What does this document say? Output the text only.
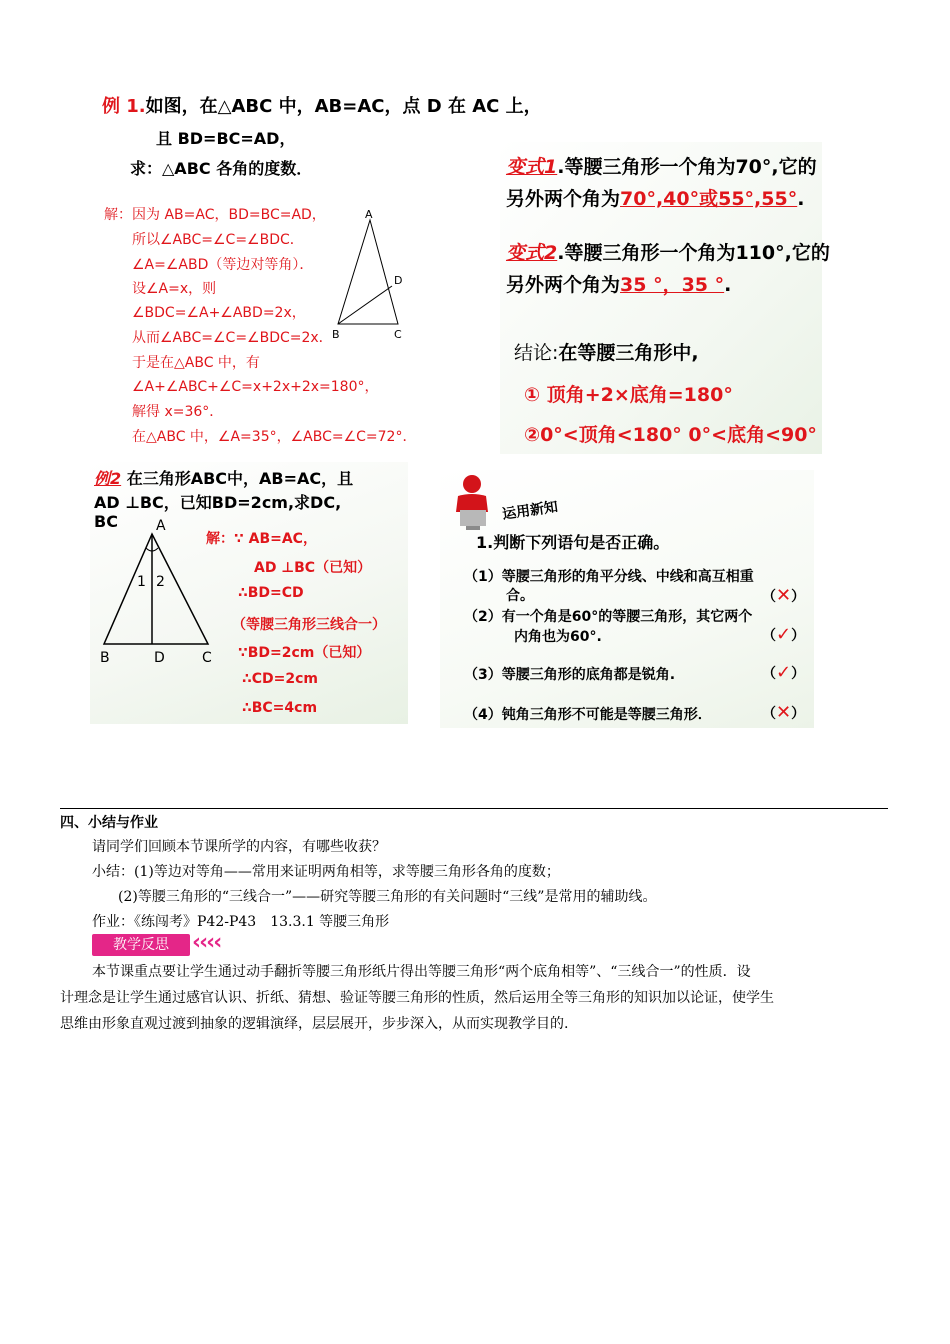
例 1.如图，在△ABC 中，AB=AC，点 D 在 AC 上，
且 BD=BC=AD，
求：△ABC 各角的度数．
解：因为 AB=AC，BD=BC=AD，
所以∠ABC=∠C=∠BDC．
∠A=∠ABD（等边对等角）．
设∠A=x，则
∠BDC=∠A+∠ABD=2x，
从而∠ABC=∠C=∠BDC=2x．
于是在△ABC 中，有
∠A+∠ABC+∠C=x+2x+2x=180°，
解得 x=36°．
在△ABC 中，∠A=35°，∠ABC=∠C=72°．
A
B	C
D
变式1.等腰三角形一个角为70°,它的
另外两个角为70°,40°或55°,55°.
变式2.等腰三角形一个角为110°,它的
另外两个角为35 °，35 °.
结论:在等腰三角形中,
① 顶角+2×底角=180°
②0°<顶角<180° 0°<底角<90°
例2 在三角形ABC中，AB=AC，且
AD ⊥BC，已知BD=2cm,求DC,
BC	A
B	D	C
1 2
解：∵ AB=AC，
AD ⊥BC（已知）
∴BD=CD
（等腰三角形三线合一）
∵BD=2cm（已知）
∴CD=2cm
∴BC=4cm
运用新知
1.判断下列语句是否正确。
（1）等腰三角形的角平分线、中线和高互相重
合。	（✕）
（2）有一个角是60°的等腰三角形，其它两个
内角也为60°.	（✓）
（3）等腰三角形的底角都是锐角.	（✓）
（4）钝角三角形不可能是等腰三角形．	（✕）
四、小结与作业
请同学们回顾本节课所学的内容，有哪些收获？
小结：(1)等边对等角——常用来证明两角相等，求等腰三角形各角的度数；
(2)等腰三角形的“三线合一”——研究等腰三角形的有关问题时“三线”是常用的辅助线。
作业：《练闯考》P42-P43　13.3.1 等腰三角形
教学反思	‹‹‹‹
本节课重点要让学生通过动手翻折等腰三角形纸片得出等腰三角形“两个底角相等”、“三线合一”的性质．设
计理念是让学生通过感官认识、折纸、猜想、验证等腰三角形的性质，然后运用全等三角形的知识加以论证，使学生
思维由形象直观过渡到抽象的逻辑演绎，层层展开，步步深入，从而实现教学目的.
